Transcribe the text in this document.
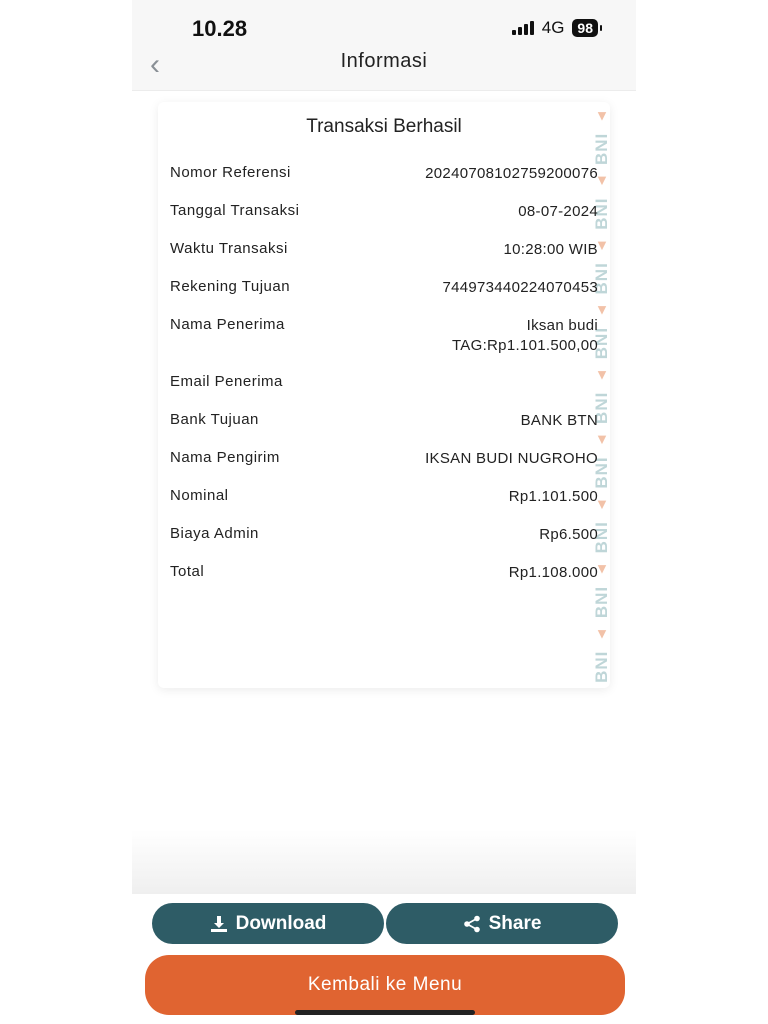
10.28	4G 98
‹	Informasi
Transaksi Berhasil
BNI ▴ BNI ▴ BNI ▴ BNI ▴ BNI ▴ BNI ▴ BNI ▴ BNI ▴ BNI ▴
Nomor Referensi	20240708102759200076
Tanggal Transaksi	08-07-2024
Waktu Transaksi	10:28:00 WIB
Rekening Tujuan	744973440224070453
Nama Penerima	Iksan budi
TAG:Rp1.101.500,00
Email Penerima
Bank Tujuan	BANK BTN
Nama Pengirim	IKSAN BUDI NUGROHO
Nominal	Rp1.101.500
Biaya Admin	Rp6.500
Total	Rp1.108.000
Download	Share
Kembali ke Menu
